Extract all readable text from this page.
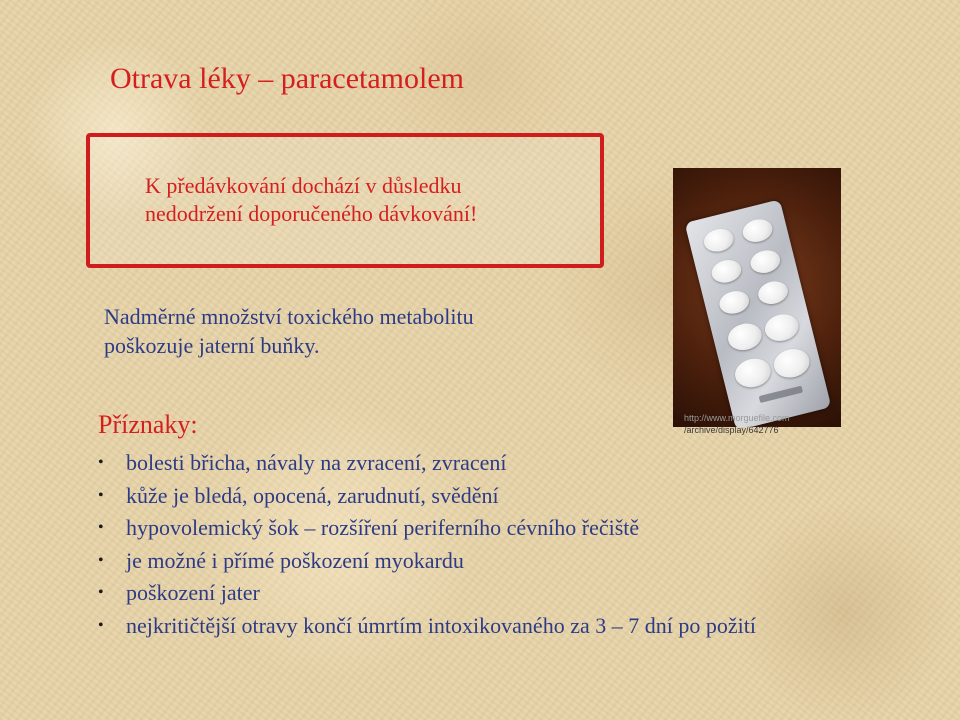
Otrava léky – paracetamolem
K předávkování dochází v důsledku
nedodržení doporučeného dávkování!
Nadměrné množství toxického metabolitu
poškozuje jaterní buňky.
http://www.morguefile.com
/archive/display/642776
Příznaky:
• bolesti břicha, návaly na zvracení, zvracení
• kůže je bledá, opocená, zarudnutí, svědění
• hypovolemický šok – rozšíření periferního cévního řečiště
• je možné i přímé poškození myokardu
• poškození jater
• nejkritičtější otravy končí úmrtím intoxikovaného za 3 – 7 dní po požití
